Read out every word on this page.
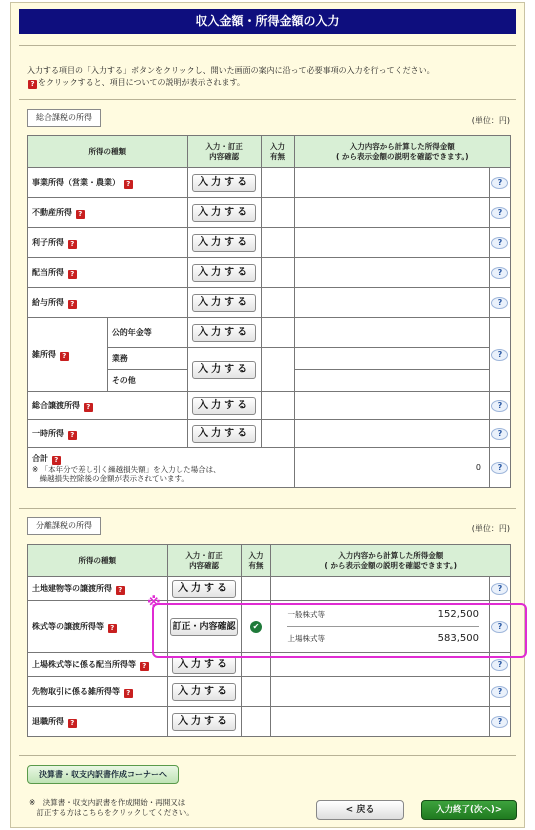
収入金額・所得金額の入力
入力する項目の「入力する」ボタンをクリックし、開いた画面の案内に沿って必要事項の入力を行ってください。
? をクリックすると、項目についての説明が表示されます。
総合課税の所得	(単位：円)
所得の種類		入力・訂正
内容確認	入力
有無	入力内容から計算した所得金額
( から表示金額の説明を確認できます。)	
事業所得（営業・農業） ?		入力する			?
不動産所得 ?		入力する			?
利子所得 ?		入力する			?
配当所得 ?		入力する			?
給与所得 ?		入力する			?
雑所得 ?	公的年金等	入力する			?
	業務	入力する			
	その他				
総合譲渡所得 ?		入力する			?
一時所得 ?		入力する			?

合計 ?
※ 「本年分で差し引く繰越損失額」を入力した場合は、
　繰越損失控除後の金額が表示されています。				0	?
分離課税の所得	(単位：円)
所得の種類	入力・訂正
内容確認	入力
有無	入力内容から計算した所得金額
( から表示金額の説明を確認できます。)	
土地建物等の譲渡所得 ?	入力する			?
株式等の譲渡所得等 ?	訂正・内容確認	✔	一般株式等 152,500
上場株式等 583,500	?
上場株式等に係る配当所得等 ?	入力する			?
先物取引に係る雑所得等 ?	入力する			?
退職所得 ?	入力する			?
※
決算書・収支内訳書作成コーナーへ
※　決算書・収支内訳書を作成開始・再開又は
　訂正する方はこちらをクリックしてください。	< 戻る	入力終了(次へ)>
